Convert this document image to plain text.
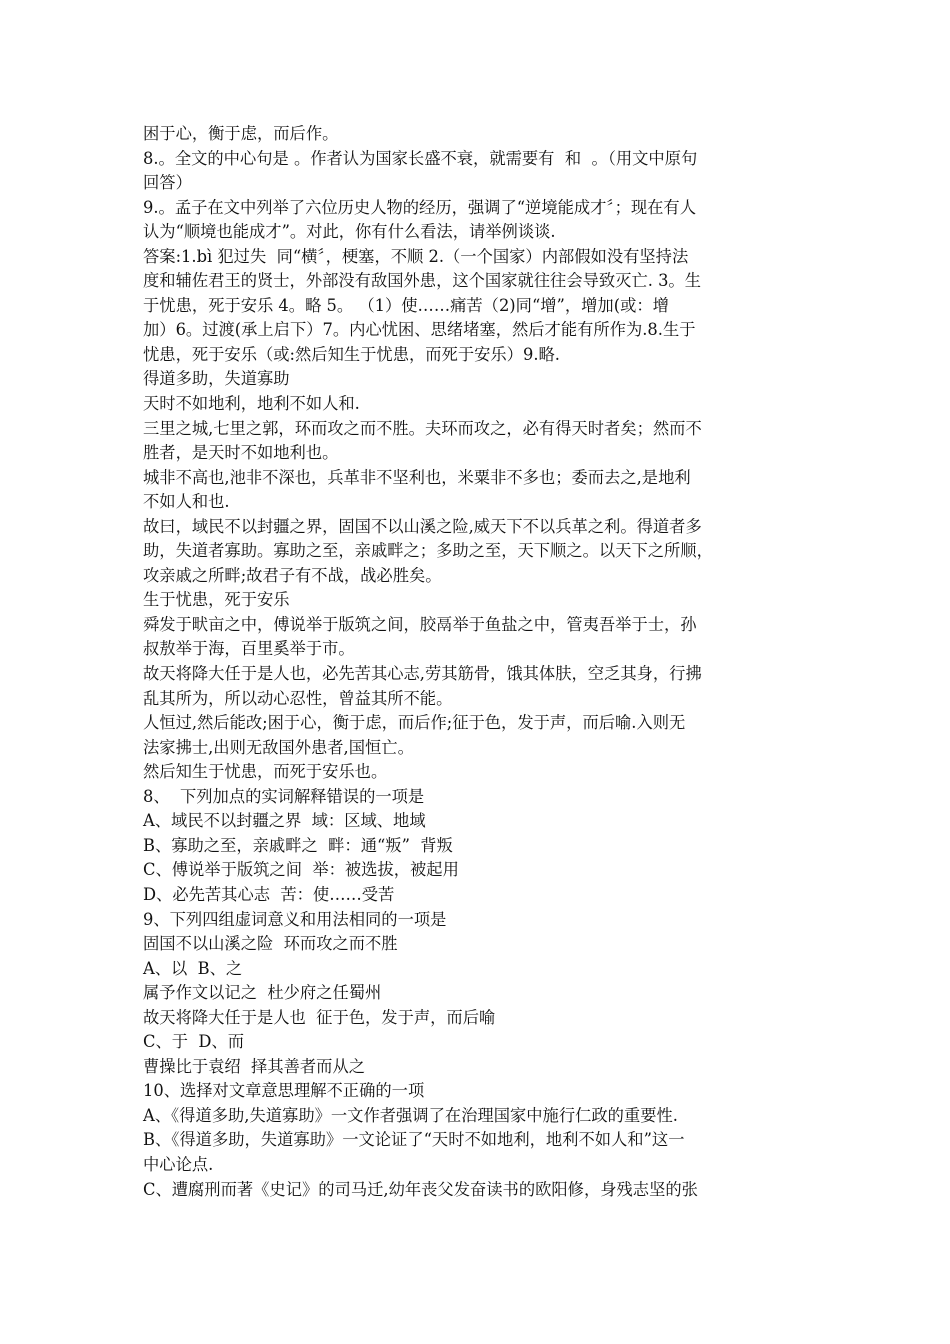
困于心，衡于虑，而后作。
8.。全文的中心句是 。作者认为国家长盛不衰，就需要有  和  。（用文中原句
回答）
9.。孟子在文中列举了六位历史人物的经历，强调了“逆境能成才〞；现在有人
认为“顺境也能成才”。对此，你有什么看法，请举例谈谈.
答案:1.bì 犯过失  同“横〞，梗塞，不顺 2.（一个国家）内部假如没有坚持法
度和辅佐君王的贤士，外部没有敌国外患，这个国家就往往会导致灭亡. 3。生
于忧患，死于安乐 4。略 5。 （1）使……痛苦（2)同“增”，增加(或：增
加）6。过渡(承上启下）7。内心忧困、思绪堵塞，然后才能有所作为.8.生于
忧患，死于安乐（或:然后知生于忧患，而死于安乐）9.略.
得道多助，失道寡助
天时不如地利，地利不如人和.
三里之城,七里之郭，环而攻之而不胜。夫环而攻之，必有得天时者矣；然而不
胜者，是天时不如地利也。
城非不高也,池非不深也，兵革非不坚利也，米粟非不多也；委而去之,是地利
不如人和也.
故曰，域民不以封疆之界，固国不以山溪之险,威天下不以兵革之利。得道者多
助，失道者寡助。寡助之至，亲戚畔之；多助之至，天下顺之。以天下之所顺，
攻亲戚之所畔;故君子有不战，战必胜矣。
生于忧患，死于安乐
舜发于畎亩之中，傅说举于版筑之间，胶鬲举于鱼盐之中，管夷吾举于士，孙
叔敖举于海，百里奚举于市。
故天将降大任于是人也，必先苦其心志,劳其筋骨，饿其体肤，空乏其身，行拂
乱其所为，所以动心忍性，曾益其所不能。
人恒过,然后能改;困于心，衡于虑，而后作;征于色，发于声，而后喻.入则无
法家拂士,出则无敌国外患者,国恒亡。
然后知生于忧患，而死于安乐也。
8、  下列加点的实词解释错误的一项是
A、域民不以封疆之界  域：区域、地域
B、寡助之至，亲戚畔之  畔：通“叛”  背叛
C、傅说举于版筑之间  举：被选拔，被起用
D、必先苦其心志  苦：使……受苦
9、下列四组虚词意义和用法相同的一项是
固国不以山溪之险  环而攻之而不胜
A、以  B、之
属予作文以记之  杜少府之任蜀州
故天将降大任于是人也  征于色，发于声，而后喻
C、于  D、而
曹操比于袁绍  择其善者而从之
10、选择对文章意思理解不正确的一项
A、《得道多助,失道寡助》一文作者强调了在治理国家中施行仁政的重要性.
B、《得道多助，失道寡助》一文论证了“天时不如地利，地利不如人和”这一
中心论点.
C、遭腐刑而著《史记》的司马迁,幼年丧父发奋读书的欧阳修，身残志坚的张
